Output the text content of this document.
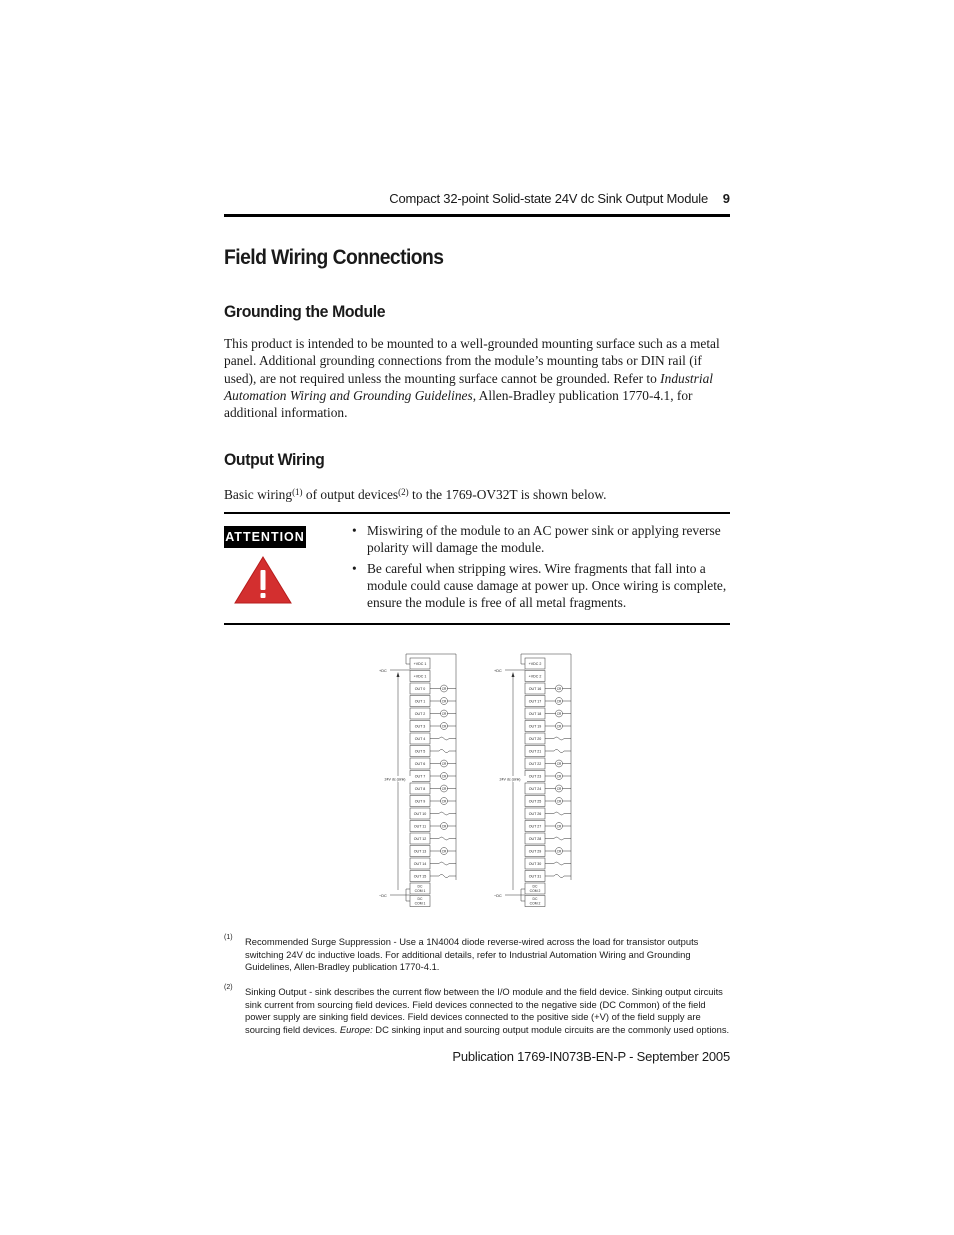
Compact 32-point Solid-state 24V dc Sink Output Module 9
Field Wiring Connections
Grounding the Module
This product is intended to be mounted to a well-grounded mounting surface such as a metal panel. Additional grounding connections from the module’s mounting tabs or DIN rail (if used), are not required unless the mounting surface cannot be grounded. Refer to Industrial Automation Wiring and Grounding Guidelines, Allen-Bradley publication 1770-4.1, for additional information.
Output Wiring
Basic wiring$^{(1)}$ of output devices$^{(2)}$ to the 1769-OV32T is shown below.
ATTENTION
•	Miswiring of the module to an AC power sink or applying reverse polarity will damage the module.
• Be careful when stripping wires. Wire fragments that fall into a module could cause damage at power up. Once wiring is complete, ensure the module is free of all metal fragments.
+VDC 1
+VDC 1
OUT 0	CR
OUT 1	CR
OUT 2	CR
OUT 3	CR
OUT 4
OUT 5
OUT 6	CR
OUT 7	CR
OUT 8	CR
OUT 9	CR
OUT 10
OUT 11	CR
OUT 12
OUT 13	CR
OUT 14
OUT 15
DC
COM 1
DC
COM 1
+DC
−DC
24V dc (sink)
+VDC 2
+VDC 2
OUT 16	CR
OUT 17	CR
OUT 18	CR
OUT 19	CR
OUT 20
OUT 21
OUT 22	CR
OUT 23	CR
OUT 24	CR
OUT 25	CR
OUT 26
OUT 27	CR
OUT 28
OUT 29	CR
OUT 30
OUT 31
DC
COM 2
DC
COM 2
+DC
−DC
24V dc (sink)
(1) Recommended Surge Suppression - Use a 1N4004 diode reverse-wired across the load for transistor outputs switching 24V dc inductive loads. For additional details, refer to Industrial Automation Wiring and Grounding Guidelines, Allen-Bradley publication 1770-4.1.
(2) Sinking Output - sink describes the current flow between the I/O module and the field device. Sinking output circuits sink current from sourcing field devices. Field devices connected to the negative side (DC Common) of the field power supply are sinking field devices. Field devices connected to the positive side (+V) of the field supply are sourcing field devices. Europe: DC sinking input and sourcing output module circuits are the commonly used options.
Publication 1769-IN073B-EN-P - September 2005
